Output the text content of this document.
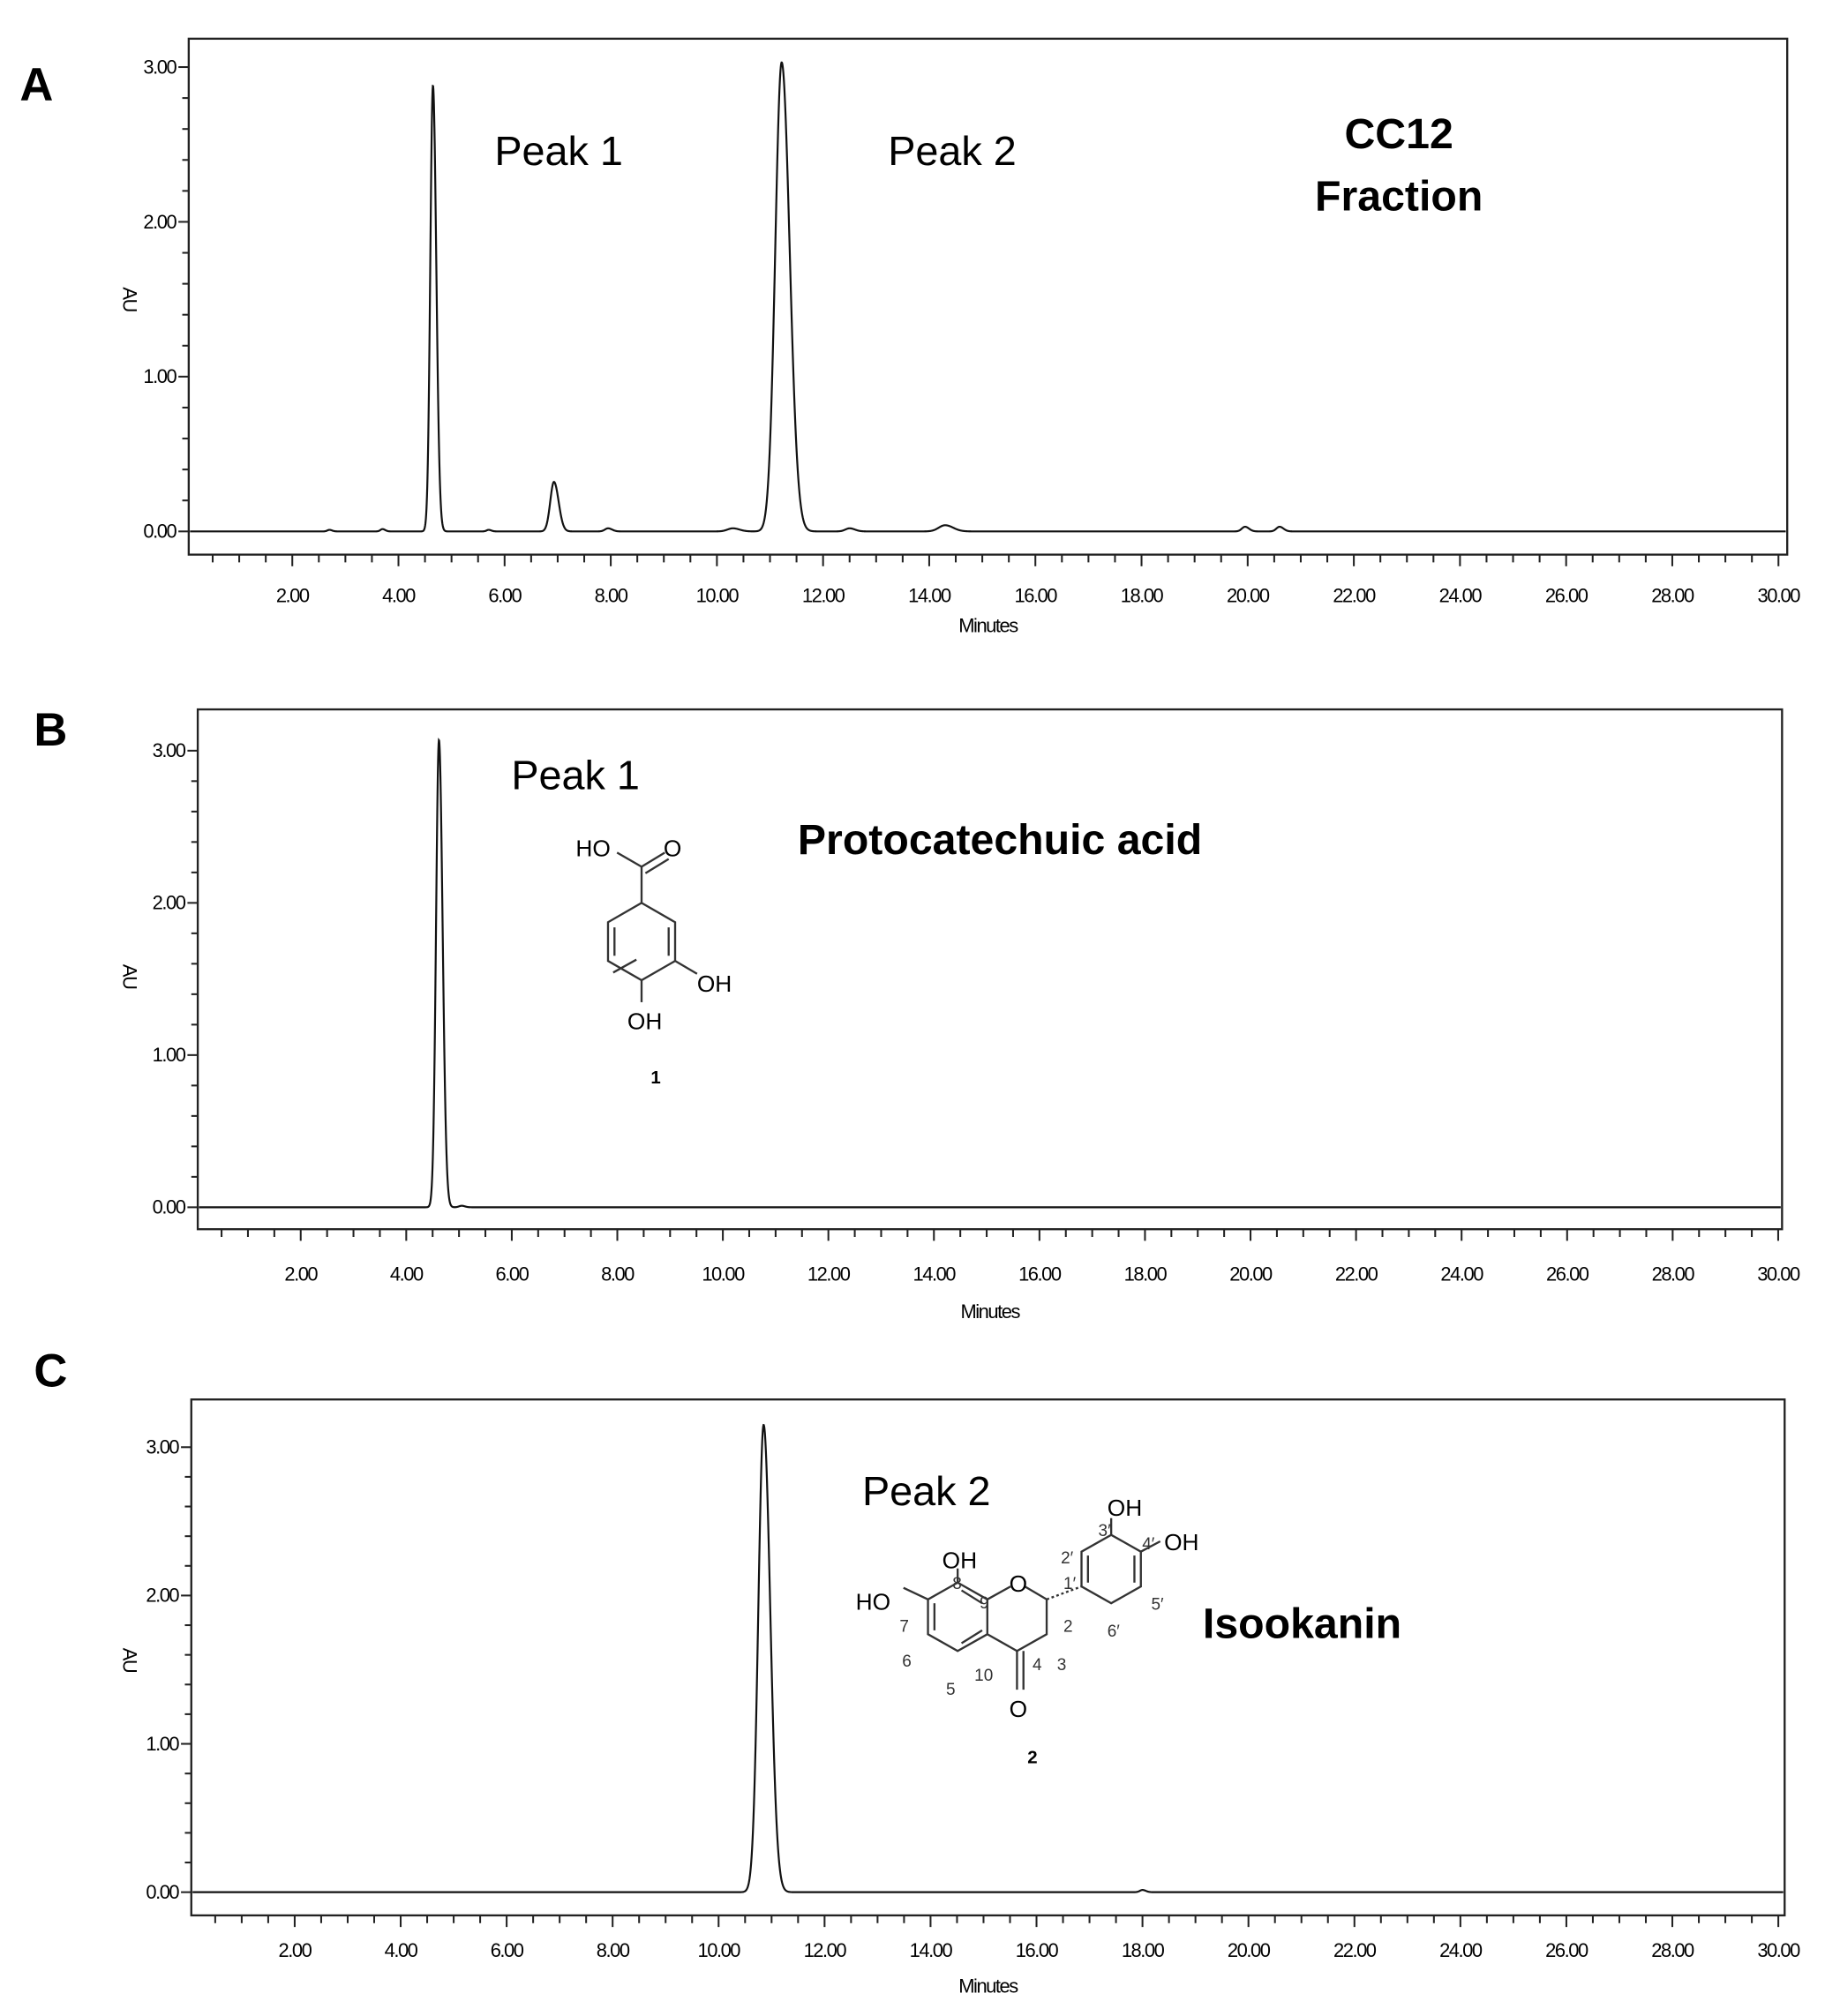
0.00
1.00
2.00
3.00
2.00	4.00	6.00	8.00	10.00	12.00	14.00	16.00	18.00	20.00	22.00	24.00	26.00	28.00	30.00
Minutes
AU
0.00
1.00
2.00
3.00
2.00	4.00	6.00	8.00	10.00	12.00	14.00	16.00	18.00	20.00	22.00	24.00	26.00	28.00	30.00
Minutes
AU
0.00
1.00
2.00
3.00
2.00	4.00	6.00	8.00	10.00	12.00	14.00	16.00	18.00	20.00	22.00	24.00	26.00	28.00	30.00
Minutes
AU
A
Peak 1	Peak 2	CC12
Fraction
B
Peak 1
Protocatechuic acid
HO	O
OH
OH
1
C
Peak 2
Isookanin
OH
HO
O
O
OH
OH
2
3
4
5
6
7
8
9
10
1′
2′
3′
4′
5′
6′
2
